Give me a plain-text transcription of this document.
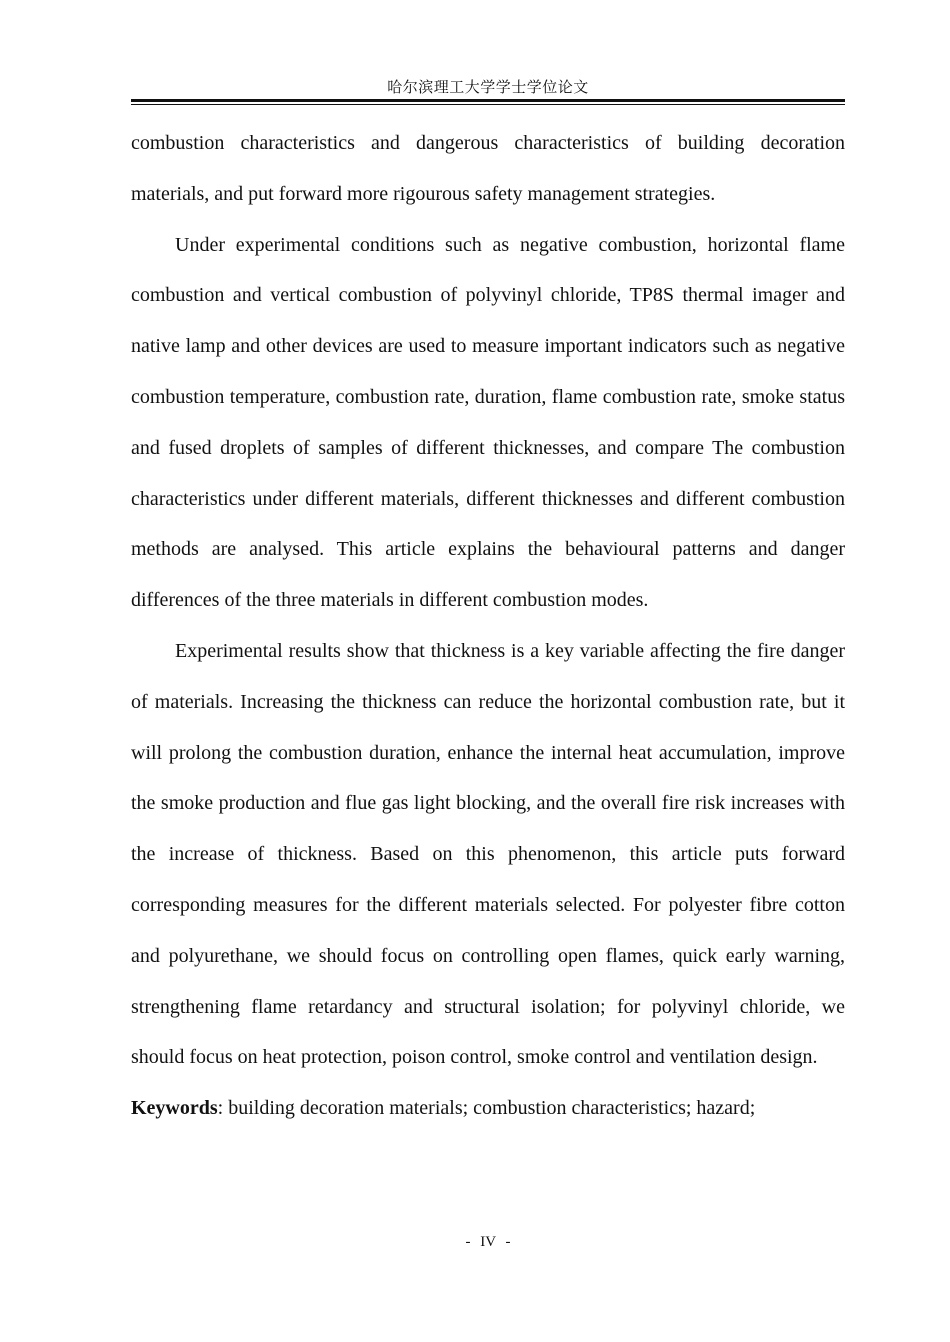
哈尔滨理工大学学士学位论文

combustion characteristics and dangerous characteristics of building decoration materials, and put forward more rigourous safety management strategies.

Under experimental conditions such as negative combustion, horizontal flame combustion and vertical combustion of polyvinyl chloride, TP8S thermal imager and native lamp and other devices are used to measure important indicators such as negative combustion temperature, combustion rate, duration, flame combustion rate, smoke status and fused droplets of samples of different thicknesses, and compare The combustion characteristics under different materials, different thicknesses and different combustion methods are analysed. This article explains the behavioural patterns and danger differences of the three materials in different combustion modes.

Experimental results show that thickness is a key variable affecting the fire danger of materials. Increasing the thickness can reduce the horizontal combustion rate, but it will prolong the combustion duration, enhance the internal heat accumulation, improve the smoke production and flue gas light blocking, and the overall fire risk increases with the increase of thickness. Based on this phenomenon, this article puts forward corresponding measures for the different materials selected. For polyester fibre cotton and polyurethane, we should focus on controlling open flames, quick early warning, strengthening flame retardancy and structural isolation; for polyvinyl chloride, we should focus on heat protection, poison control, smoke control and ventilation design.

Keywords: building decoration materials; combustion characteristics; hazard;

- IV -
